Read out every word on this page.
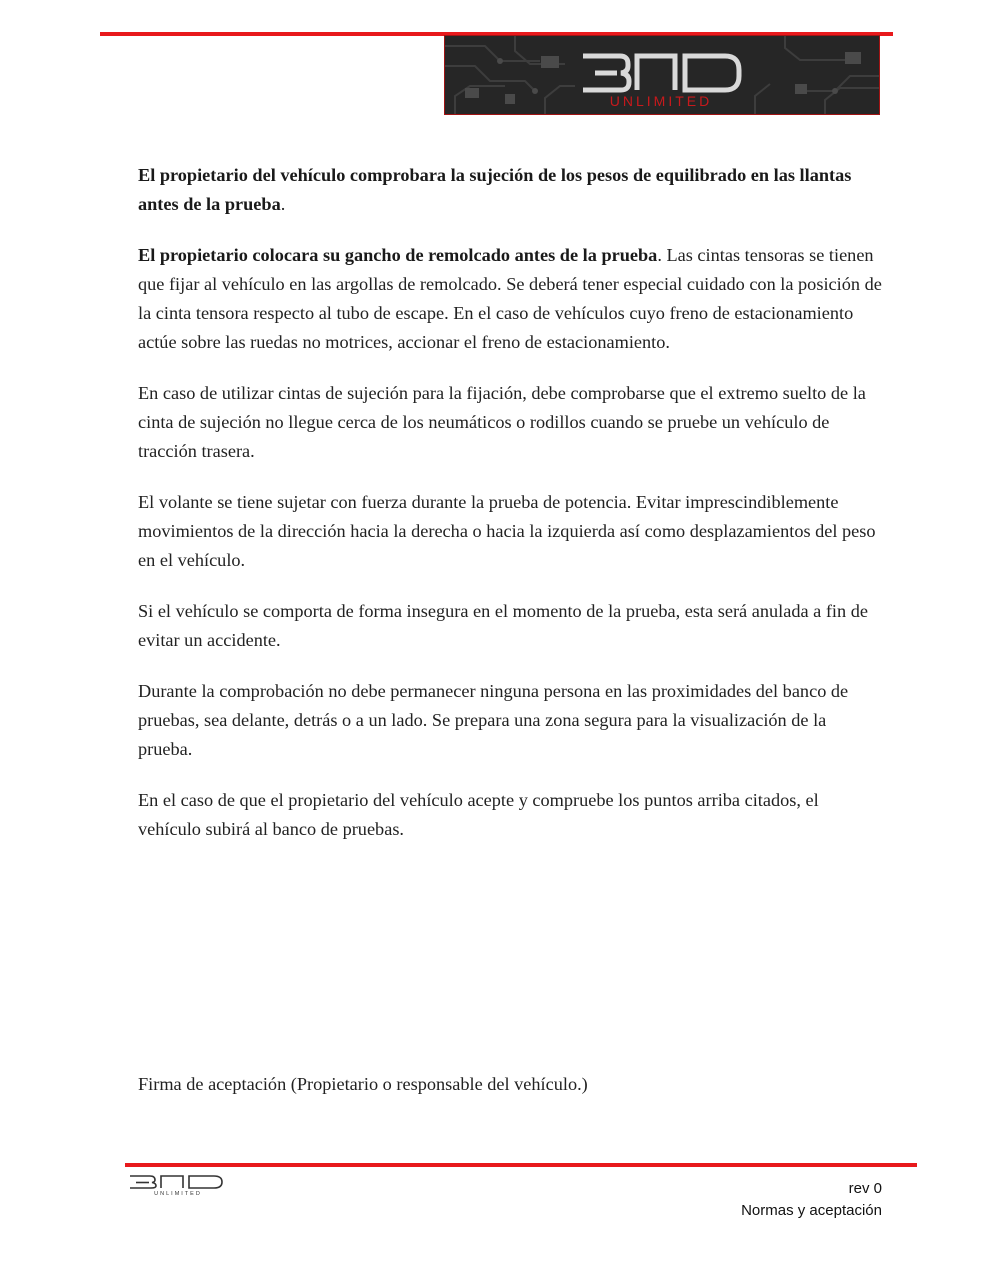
UNLIMITED

El propietario del vehículo comprobara la sujeción de los pesos de equilibrado en las llantas antes de la prueba.

El propietario colocara su gancho de remolcado antes de la prueba. Las cintas tensoras se tienen que fijar al vehículo en las argollas de remolcado. Se deberá tener especial cuidado con la posición de la cinta tensora respecto al tubo de escape. En el caso de vehículos cuyo freno de estacionamiento actúe sobre las ruedas no motrices, accionar el freno de estacionamiento.

En caso de utilizar cintas de sujeción para la fijación, debe comprobarse que el extremo suelto de la cinta de sujeción no llegue cerca de los neumáticos o rodillos cuando se pruebe un vehículo de tracción trasera.

El volante se tiene sujetar con fuerza durante la prueba de potencia. Evitar imprescindiblemente movimientos de la dirección hacia la derecha o hacia la izquierda así como desplazamientos del peso en el vehículo.

Si el vehículo se comporta de forma insegura en el momento de la prueba, esta será anulada a fin de evitar un accidente.

Durante la comprobación no debe permanecer ninguna persona en las proximidades del banco de pruebas, sea delante, detrás o a un lado. Se prepara una zona segura para la visualización de la prueba.

En el caso de que el propietario del vehículo acepte y compruebe los puntos arriba citados, el vehículo subirá al banco de pruebas.

Firma de aceptación (Propietario o responsable del vehículo.)
UNLIMITED	rev 0
Normas y aceptación
